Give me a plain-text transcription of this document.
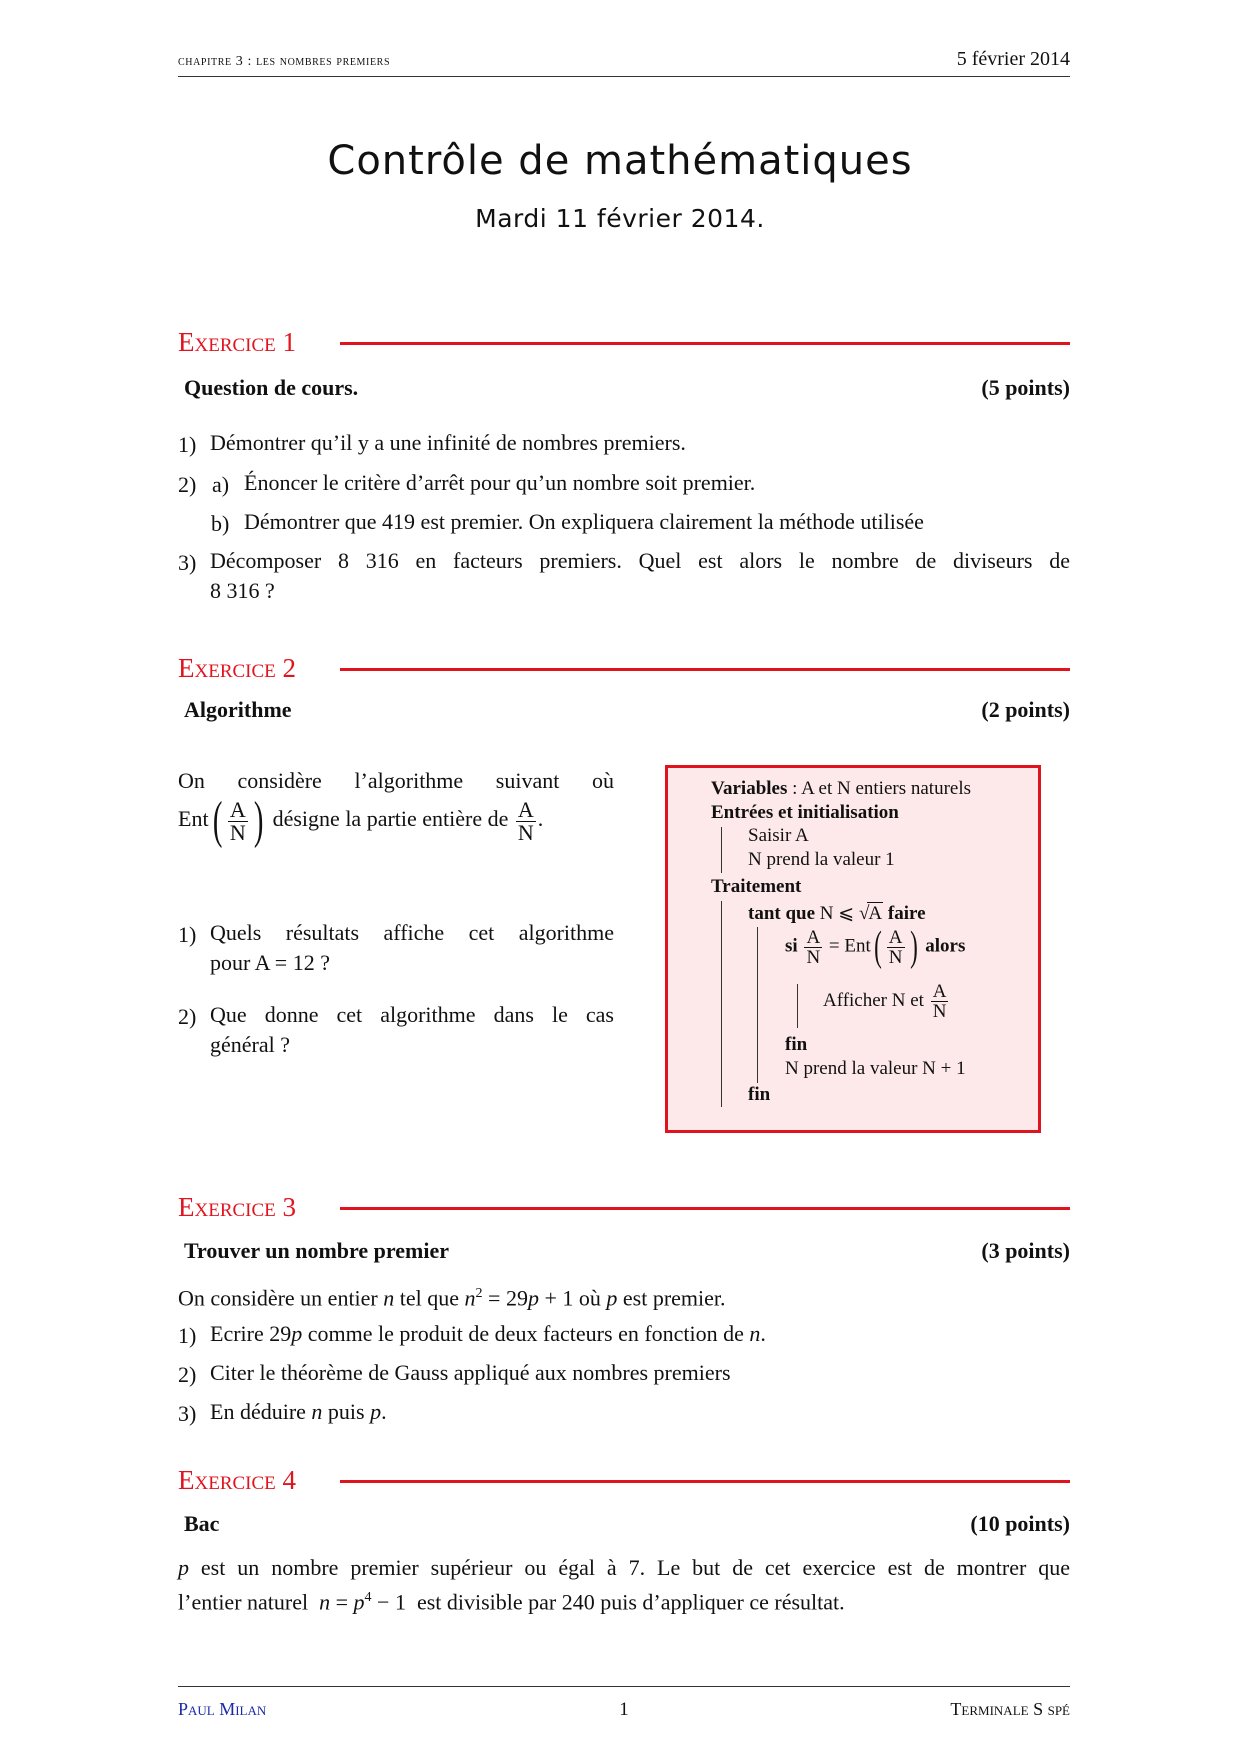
chapitre 3 : les nombres premiers	5 février 2014
Contrôle de mathématiques
Mardi 11 février 2014.
Exercice 1
Question de cours.	(5 points)
1) Démontrer qu’il y a une infinité de nombres premiers.
2) a) Énoncer le critère d’arrêt pour qu’un nombre soit premier.
b) Démontrer que 419 est premier. On expliquera clairement la méthode utilisée
3) Décomposer 8 316 en facteurs premiers. Quel est alors le nombre de diviseurs de
8 316 ?
Exercice 2
Algorithme	(2 points)
On considère l’algorithme suivant où
$Ent( \frac{A}{N}$ ) désigne la partie entière de $\frac{A}{N}$ .
1) Quels résultats affiche cet algorithme
pour A = 12 ?
2) Que donne cet algorithme dans le cas
général ?
Variables : A et N entiers naturels
Entrées et initialisation
Saisir A
N prend la valeur 1
Traitement
tant que N ⩽ √A faire
si $\frac{A}{N} = Ent( \frac{A}{N}$ ) alors
Afficher N et $\frac{A}{N}$
fin
N prend la valeur N + 1
fin
Exercice 3
Trouver un nombre premier	(3 points)
On considère un entier n tel que $n^2 = 29p + 1$ où p est premier.
1) Ecrire 29p comme le produit de deux facteurs en fonction de n.
2) Citer le théorème de Gauss appliqué aux nombres premiers
3) En déduire n puis p.
Exercice 4
Bac	(10 points)
p est un nombre premier supérieur ou égal à 7. Le but de cet exercice est de montrer que
l’entier naturel $n = p^4 - 1$ est divisible par 240 puis d’appliquer ce résultat.
Paul Milan	1	Terminale S spé
